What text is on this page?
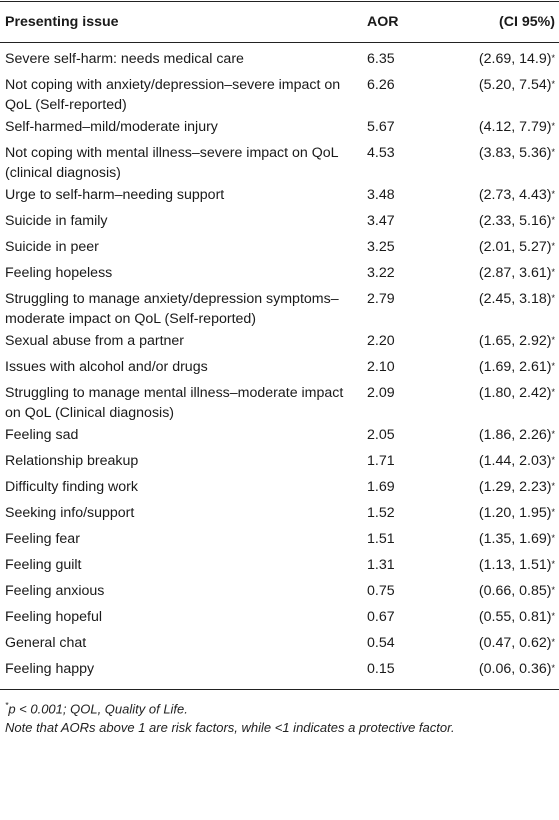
Presenting issue	AOR	(CI 95%)
Severe self-harm: needs medical care	6.35	(2.69, 14.9)*
Not coping with anxiety/depression–severe impact on QoL (Self-reported)	6.26	(5.20, 7.54)*
Self-harmed–mild/moderate injury	5.67	(4.12, 7.79)*
Not coping with mental illness–severe impact on QoL (clinical diagnosis)	4.53	(3.83, 5.36)*
Urge to self-harm–needing support	3.48	(2.73, 4.43)*
Suicide in family	3.47	(2.33, 5.16)*
Suicide in peer	3.25	(2.01, 5.27)*
Feeling hopeless	3.22	(2.87, 3.61)*
Struggling to manage anxiety/depression symptoms–moderate impact on QoL (Self-reported)	2.79	(2.45, 3.18)*
Sexual abuse from a partner	2.20	(1.65, 2.92)*
Issues with alcohol and/or drugs	2.10	(1.69, 2.61)*
Struggling to manage mental illness–moderate impact on QoL (Clinical diagnosis)	2.09	(1.80, 2.42)*
Feeling sad	2.05	(1.86, 2.26)*
Relationship breakup	1.71	(1.44, 2.03)*
Difficulty finding work	1.69	(1.29, 2.23)*
Seeking info/support	1.52	(1.20, 1.95)*
Feeling fear	1.51	(1.35, 1.69)*
Feeling guilt	1.31	(1.13, 1.51)*
Feeling anxious	0.75	(0.66, 0.85)*
Feeling hopeful	0.67	(0.55, 0.81)*
General chat	0.54	(0.47, 0.62)*
Feeling happy	0.15	(0.06, 0.36)*
*p < 0.001; QOL, Quality of Life.
Note that AORs above 1 are risk factors, while <1 indicates a protective factor.
